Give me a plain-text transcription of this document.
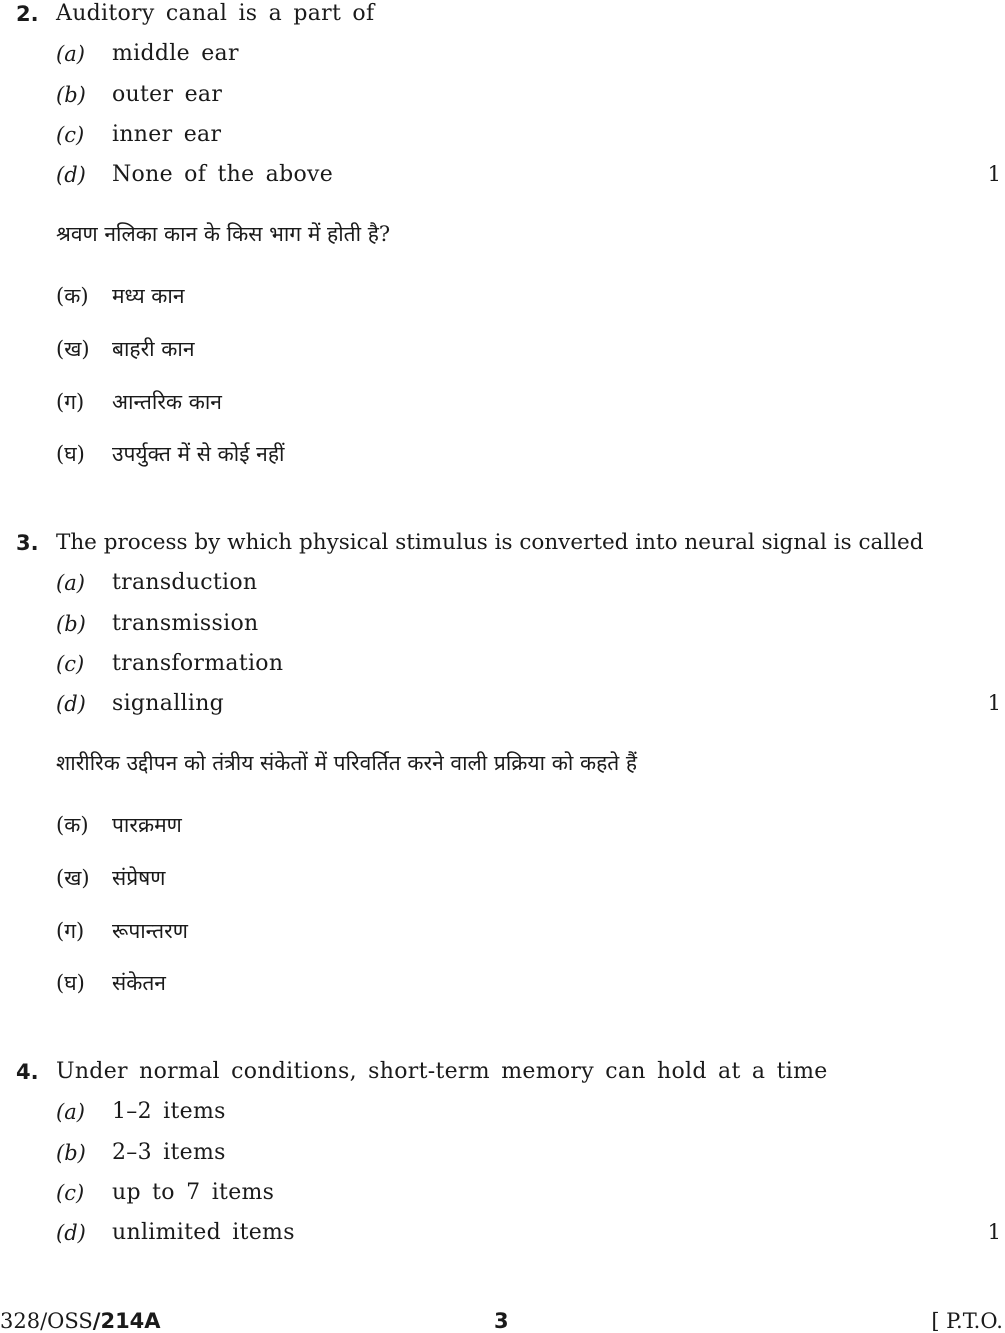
2. Auditory canal is a part of
(a) middle ear
(b) outer ear
(c) inner ear
(d) None of the above	1
श्रवण नलिका कान के किस भाग में होती है?
(क) मध्य कान
(ख) बाहरी कान
(ग) आन्तरिक कान
(घ) उपर्युक्त में से कोई नहीं
3. The process by which physical stimulus is converted into neural signal is called
(a) transduction
(b) transmission
(c) transformation
(d) signalling	1
शारीरिक उद्दीपन को तंत्रीय संकेतों में परिवर्तित करने वाली प्रक्रिया को कहते हैं
(क) पारक्रमण
(ख) संप्रेषण
(ग) रूपान्तरण
(घ) संकेतन
4. Under normal conditions, short-term memory can hold at a time
(a) 1–2 items
(b) 2–3 items
(c) up to 7 items
(d) unlimited items	1
328/OSS/214A	3	[ P.T.O.
